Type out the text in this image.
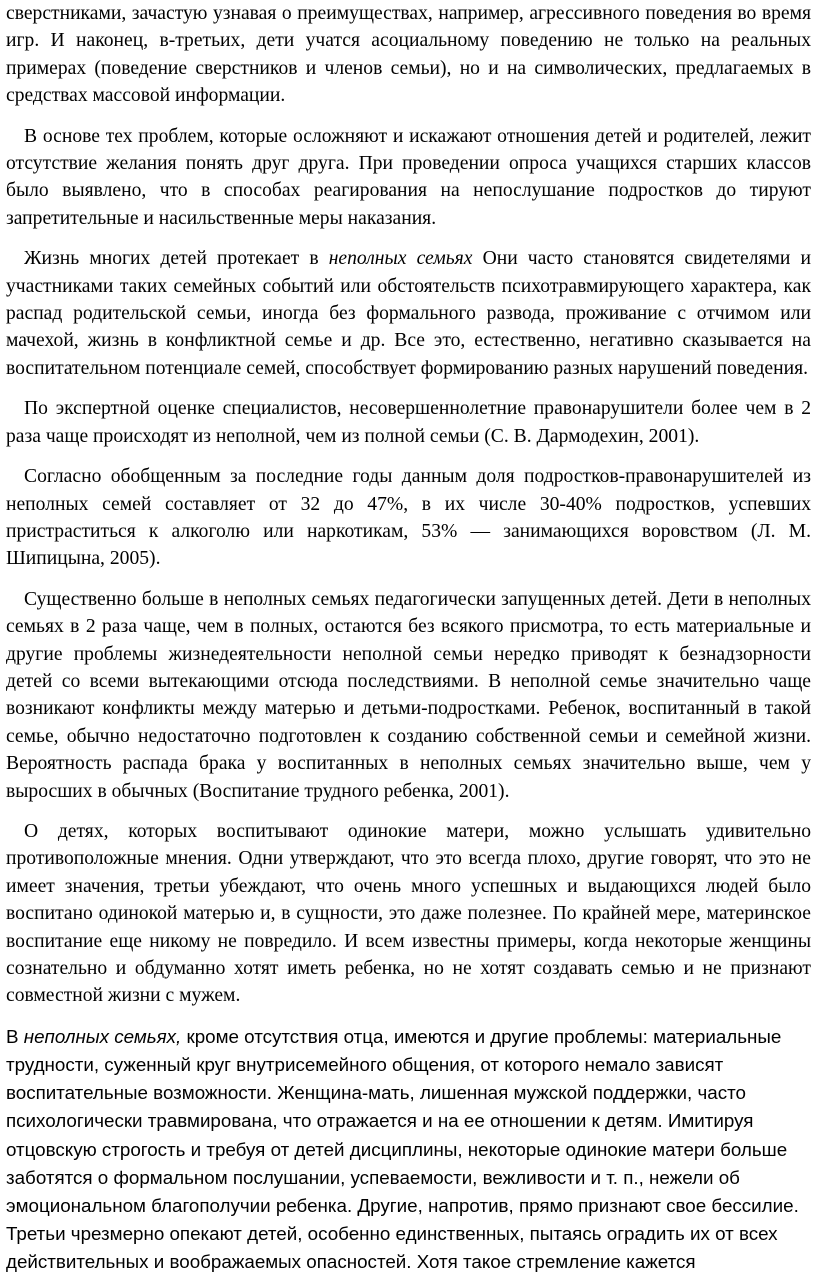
сверстниками, зачастую узнавая о преимуществах, например, агрессивного поведения во время игр. И наконец, в-третьих, дети учатся асоциальному поведению не только на реальных примерах (поведение сверстников и членов семьи), но и на символических, предлагаемых в средствах массовой информации.

В основе тех проблем, которые осложняют и искажают отношения детей и родителей, лежит отсутствие желания понять друг друга. При проведении опроса учащихся старших классов было выявлено, что в способах реагирования на непослушание подростков до тируют запретительные и насильственные меры наказания.

Жизнь многих детей протекает в неполных семьях Они часто становятся свидетелями и участниками таких семейных событий или обстоятельств психотравмирующего характера, как распад родительской семьи, иногда без формального развода, проживание с отчимом или мачехой, жизнь в конфликтной семье и др. Все это, естественно, негативно сказывается на воспитательном потенциале семей, способствует формированию разных нарушений поведения.

По экспертной оценке специалистов, несовершеннолетние правонарушители более чем в 2 раза чаще происходят из неполной, чем из полной семьи (С. В. Дармодехин, 2001).

Согласно обобщенным за последние годы данным доля подростков-правонарушителей из неполных семей составляет от 32 до 47%, в их числе 30-40% подростков, успевших пристраститься к алкоголю или наркотикам, 53% — занимающихся воровством (Л. М. Шипицына, 2005).

Существенно больше в неполных семьях педагогически запущенных детей. Дети в неполных семьях в 2 раза чаще, чем в полных, остаются без всякого присмотра, то есть материальные и другие проблемы жизнедеятельности неполной семьи нередко приводят к безнадзорности детей со всеми вытекающими отсюда последствиями. В неполной семье значительно чаще возникают конфликты между матерью и детьми-подростками. Ребенок, воспитанный в такой семье, обычно недостаточно подготовлен к созданию собственной семьи и семейной жизни. Вероятность распада брака у воспитанных в неполных семьях значительно выше, чем у выросших в обычных (Воспитание трудного ребенка, 2001).

О детях, которых воспитывают одинокие матери, можно услышать удивительно противоположные мнения. Одни утверждают, что это всегда плохо, другие говорят, что это не имеет значения, третьи убеждают, что очень много успешных и выдающихся людей было воспитано одинокой матерью и, в сущности, это даже полезнее. По крайней мере, материнское воспитание еще никому не повредило. И всем известны примеры, когда некоторые женщины сознательно и обдуманно хотят иметь ребенка, но не хотят создавать семью и не признают совместной жизни с мужем.

В неполных семьях, кроме отсутствия отца, имеются и другие проблемы: материальные трудности, суженный круг внутрисемейного общения, от которого немало зависят воспитательные возможности. Женщина-мать, лишенная мужской поддержки, часто психологически травмирована, что отражается и на ее отношении к детям. Имитируя отцовскую строгость и требуя от детей дисциплины, некоторые одинокие матери больше заботятся о формальном послушании, успеваемости, вежливости и т. п., нежели об эмоциональном благополучии ребенка. Другие, напротив, прямо признают свое бессилие. Третьи чрезмерно опекают детей, особенно единственных, пытаясь оградить их от всех действительных и воображаемых опасностей. Хотя такое стремление кажется
